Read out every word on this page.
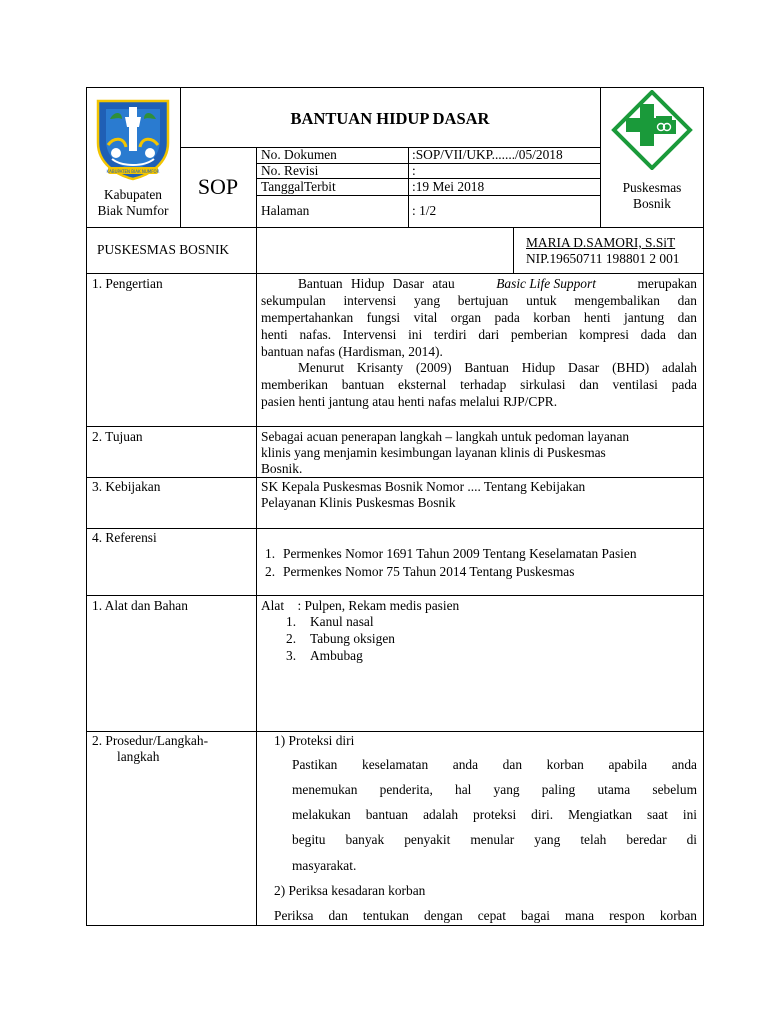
KABUPATEN BIAK NUMFOR
Kabupaten
Biak Numfor
BANTUAN HIDUP DASAR
SOP
No. Dokumen	:SOP/VII/UKP......./05/2018
No. Revisi	:
TanggalTerbit	:19 Mei 2018
Halaman	: 1/2
Puskesmas
Bosnik
PUSKESMAS BOSNIK	MARIA D.SAMORI, S.SiT
NIP.19650711 198801 2 001
1. Pengertian	Bantuan Hidup Dasar atau	Basic Life Support	merupakan
sekumpulan intervensi yang bertujuan untuk mengembalikan dan
mempertahankan fungsi vital organ pada korban henti jantung dan
henti nafas. Intervensi ini terdiri dari pemberian kompresi dada dan
bantuan nafas (Hardisman, 2014).
Menurut Krisanty (2009) Bantuan Hidup Dasar (BHD) adalah
memberikan bantuan eksternal terhadap sirkulasi dan ventilasi pada
pasien henti jantung atau henti nafas melalui RJP/CPR.
2. Tujuan	Sebagai acuan penerapan langkah – langkah untuk pedoman layanan
klinis yang menjamin kesimbungan layanan klinis di Puskesmas
Bosnik.
3. Kebijakan	SK Kepala Puskesmas Bosnik Nomor .... Tentang Kebijakan
Pelayanan Klinis Puskesmas Bosnik
4. Referensi
1. Permenkes Nomor 1691 Tahun 2009 Tentang Keselamatan Pasien
2. Permenkes Nomor 75 Tahun 2014 Tentang Puskesmas
1. Alat dan Bahan	Alat    : Pulpen, Rekam medis pasien
1. Kanul nasal
2. Tabung oksigen
3. Ambubag
2. Prosedur/Langkah-
langkah
1) Proteksi diri
Pastikan keselamatan anda dan korban apabila anda
menemukan penderita, hal yang paling utama sebelum
melakukan bantuan adalah proteksi diri. Mengiatkan saat ini
begitu banyak penyakit menular yang telah beredar di
masyarakat.
2) Periksa kesadaran korban
Periksa dan tentukan dengan cepat bagai mana respon korban
